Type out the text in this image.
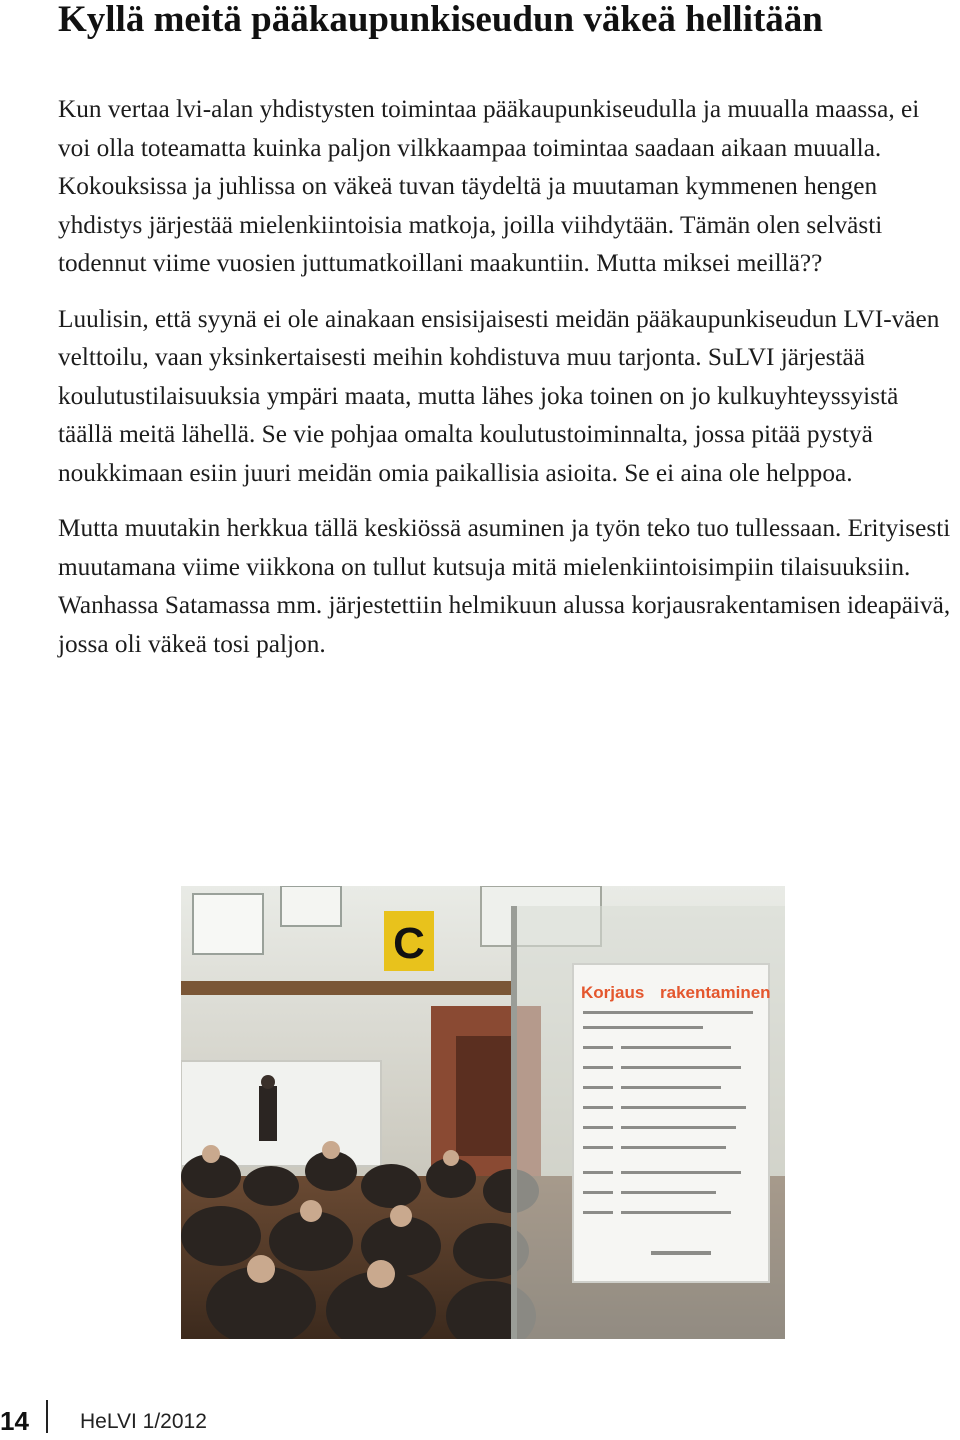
Kyllä meitä pääkaupunkiseudun väkeä hellitään

Kun vertaa lvi-alan yhdistysten toimintaa pääkaupunkiseudulla ja muualla maassa, ei voi olla toteamatta kuinka paljon vilkkaampaa toimintaa saadaan aikaan muualla. Kokouksissa ja juhlissa on väkeä tuvan täydeltä ja muutaman kymmenen hengen yhdistys järjestää mielenkiintoisia matkoja, joilla viihdytään. Tämän olen selvästi todennut viime vuosien juttumatkoillani maakuntiin. Mutta miksei meillä??

Luulisin, että syynä ei ole ainakaan ensisijaisesti meidän pääkaupunkiseudun LVI-väen velttoilu, vaan yksinkertaisesti meihin kohdistuva muu tarjonta. SuLVI järjestää koulutustilaisuuksia ympäri maata, mutta lähes joka toinen on jo kulkuyhteyssyistä täällä meitä lähellä. Se vie pohjaa omalta koulutustoiminnalta, jossa pitää pystyä noukkimaan esiin juuri meidän omia paikallisia asioita. Se ei aina ole helppoa.

Mutta muutakin herkkua tällä keskiössä asuminen ja työn teko tuo tullessaan. Erityisesti muutamana viime viikkona on tullut kutsuja mitä mielenkiintoisimpiin tilaisuuksiin. Wanhassa Satamassa mm. järjestettiin helmikuun alussa korjausrakentamisen ideapäivä, jossa oli väkeä tosi paljon.

C
Korjaus rakentaminen
14 HeLVI 1/2012
